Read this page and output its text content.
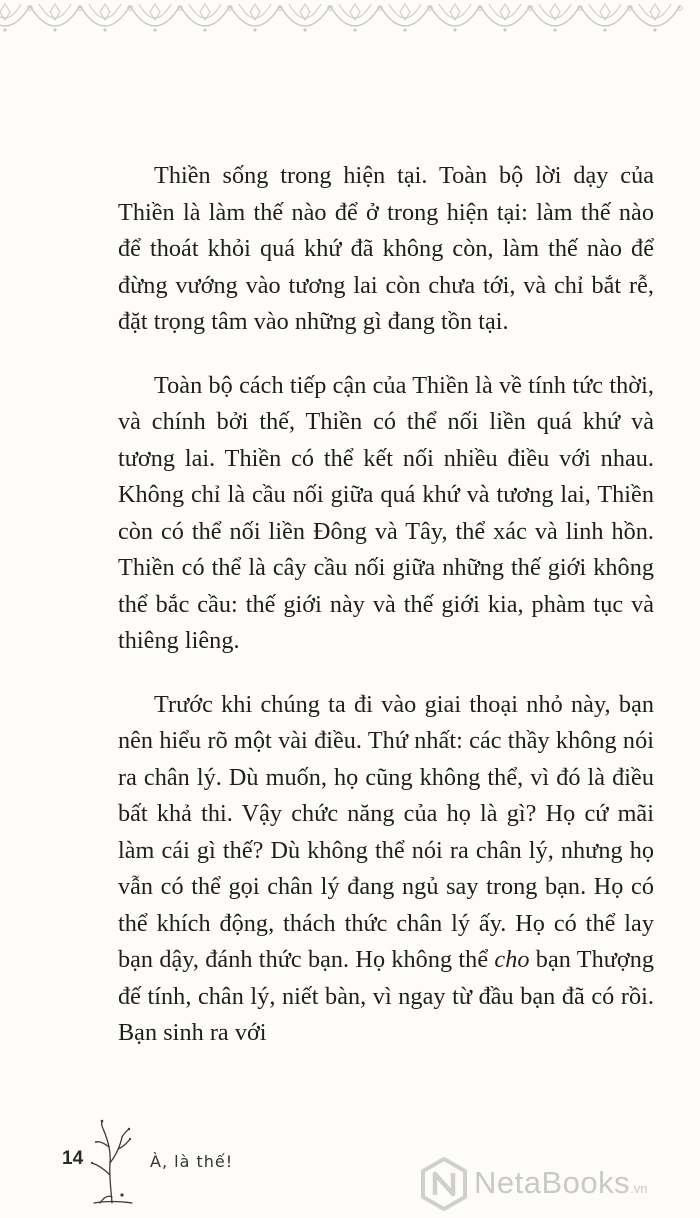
Thiền sống trong hiện tại. Toàn bộ lời dạy của Thiền là làm thế nào để ở trong hiện tại: làm thế nào để thoát khỏi quá khứ đã không còn, làm thế nào để đừng vướng vào tương lai còn chưa tới, và chỉ bắt rễ, đặt trọng tâm vào những gì đang tồn tại.

Toàn bộ cách tiếp cận của Thiền là về tính tức thời, và chính bởi thế, Thiền có thể nối liền quá khứ và tương lai. Thiền có thể kết nối nhiều điều với nhau. Không chỉ là cầu nối giữa quá khứ và tương lai, Thiền còn có thể nối liền Đông và Tây, thể xác và linh hồn. Thiền có thể là cây cầu nối giữa những thế giới không thể bắc cầu: thế giới này và thế giới kia, phàm tục và thiêng liêng.

Trước khi chúng ta đi vào giai thoại nhỏ này, bạn nên hiểu rõ một vài điều. Thứ nhất: các thầy không nói ra chân lý. Dù muốn, họ cũng không thể, vì đó là điều bất khả thi. Vậy chức năng của họ là gì? Họ cứ mãi làm cái gì thế? Dù không thể nói ra chân lý, nhưng họ vẫn có thể gọi chân lý đang ngủ say trong bạn. Họ có thể khích động, thách thức chân lý ấy. Họ có thể lay bạn dậy, đánh thức bạn. Họ không thể cho bạn Thượng đế tính, chân lý, niết bàn, vì ngay từ đầu bạn đã có rồi. Bạn sinh ra với

14	À, là thế!
NetaBooks.vn
